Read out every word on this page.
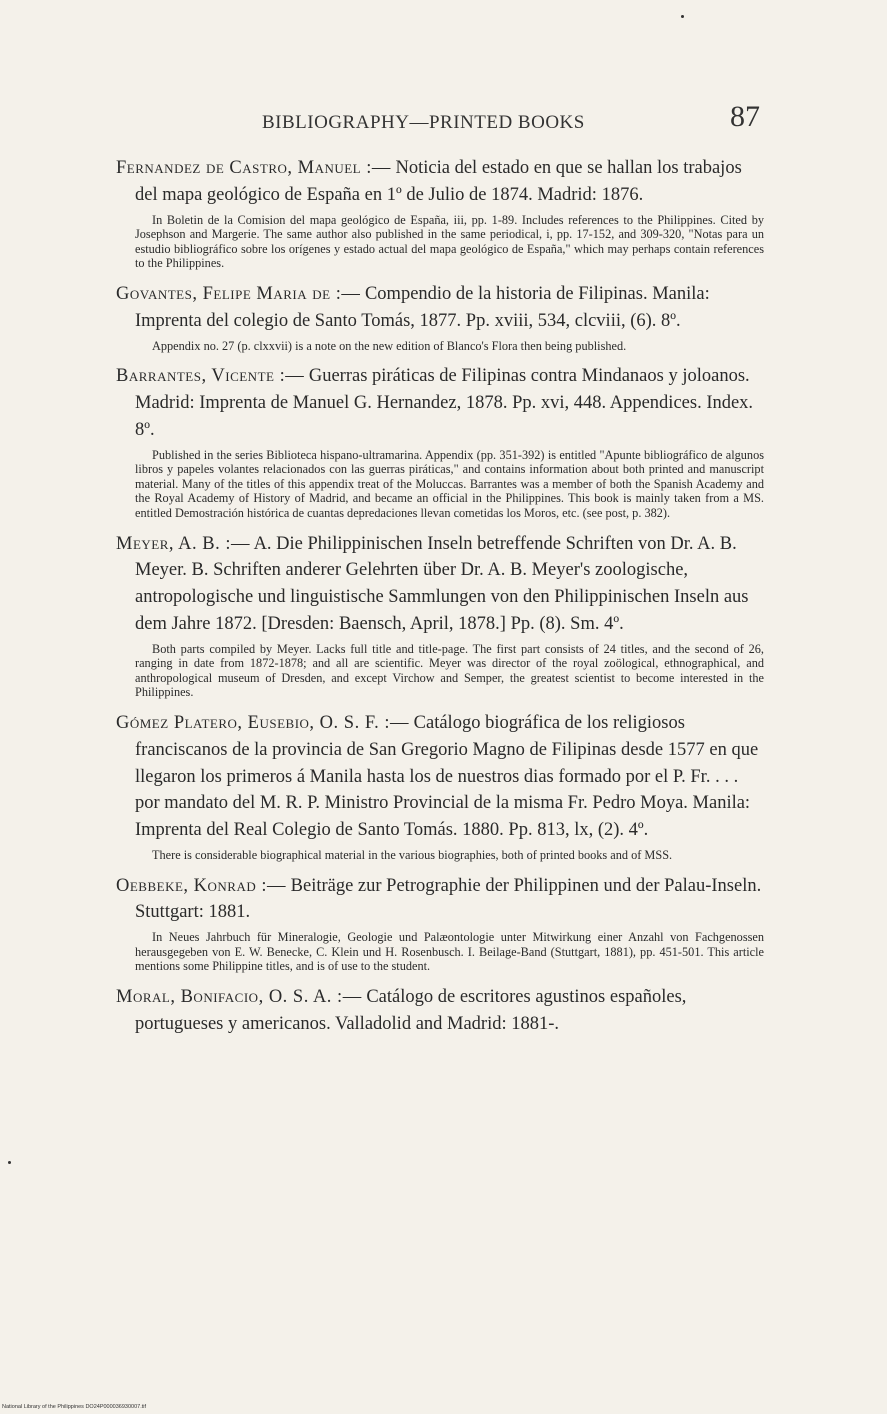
BIBLIOGRAPHY—PRINTED BOOKS	87

Fernandez de Castro, Manuel :— Noticia del estado en que se hallan los trabajos del mapa geológico de España en 1º de Julio de 1874. Madrid: 1876.

In Boletin de la Comision del mapa geológico de España, iii, pp. 1-89. Includes references to the Philippines. Cited by Josephson and Margerie. The same author also published in the same periodical, i, pp. 17-152, and 309-320, "Notas para un estudio bibliográfico sobre los orígenes y estado actual del mapa geológico de España," which may perhaps contain references to the Philippines.

Govantes, Felipe Maria de :— Compendio de la historia de Filipinas. Manila: Imprenta del colegio de Santo Tomás, 1877. Pp. xviii, 534, clcviii, (6). 8º.

Appendix no. 27 (p. clxxvii) is a note on the new edition of Blanco's Flora then being published.

Barrantes, Vicente :— Guerras piráticas de Filipinas contra Mindanaos y joloanos. Madrid: Imprenta de Manuel G. Hernandez, 1878. Pp. xvi, 448. Appendices. Index. 8º.

Published in the series Biblioteca hispano-ultramarina. Appendix (pp. 351-392) is entitled "Apunte bibliográfico de algunos libros y papeles volantes relacionados con las guerras piráticas," and contains information about both printed and manuscript material. Many of the titles of this appendix treat of the Moluccas. Barrantes was a member of both the Spanish Academy and the Royal Academy of History of Madrid, and became an official in the Philippines. This book is mainly taken from a MS. entitled Demostración histórica de cuantas depredaciones llevan cometidas los Moros, etc. (see post, p. 382).

Meyer, A. B. :— A. Die Philippinischen Inseln betreffende Schriften von Dr. A. B. Meyer. B. Schriften anderer Gelehrten über Dr. A. B. Meyer's zoologische, antropologische und linguistische Sammlungen von den Philippinischen Inseln aus dem Jahre 1872. [Dresden: Baensch, April, 1878.] Pp. (8). Sm. 4º.

Both parts compiled by Meyer. Lacks full title and title-page. The first part consists of 24 titles, and the second of 26, ranging in date from 1872-1878; and all are scientific. Meyer was director of the royal zoölogical, ethnographical, and anthropological museum of Dresden, and except Virchow and Semper, the greatest scientist to become interested in the Philippines.

Gómez Platero, Eusebio, O. S. F. :— Catálogo biográfica de los religiosos franciscanos de la provincia de San Gregorio Magno de Filipinas desde 1577 en que llegaron los primeros á Manila hasta los de nuestros dias formado por el P. Fr. . . . por mandato del M. R. P. Ministro Provincial de la misma Fr. Pedro Moya. Manila: Imprenta del Real Colegio de Santo Tomás. 1880. Pp. 813, lx, (2). 4º.

There is considerable biographical material in the various biographies, both of printed books and of MSS.

Oebbeke, Konrad :— Beiträge zur Petrographie der Philippinen und der Palau-Inseln. Stuttgart: 1881.

In Neues Jahrbuch für Mineralogie, Geologie und Palæontologie unter Mitwirkung einer Anzahl von Fachgenossen herausgegeben von E. W. Benecke, C. Klein und H. Rosenbusch. I. Beilage-Band (Stuttgart, 1881), pp. 451-501. This article mentions some Philippine titles, and is of use to the student.

Moral, Bonifacio, O. S. A. :— Catálogo de escritores agustinos españoles, portugueses y americanos. Valladolid and Madrid: 1881-.

National Library of the Philippines DO24P000036930007.tif
